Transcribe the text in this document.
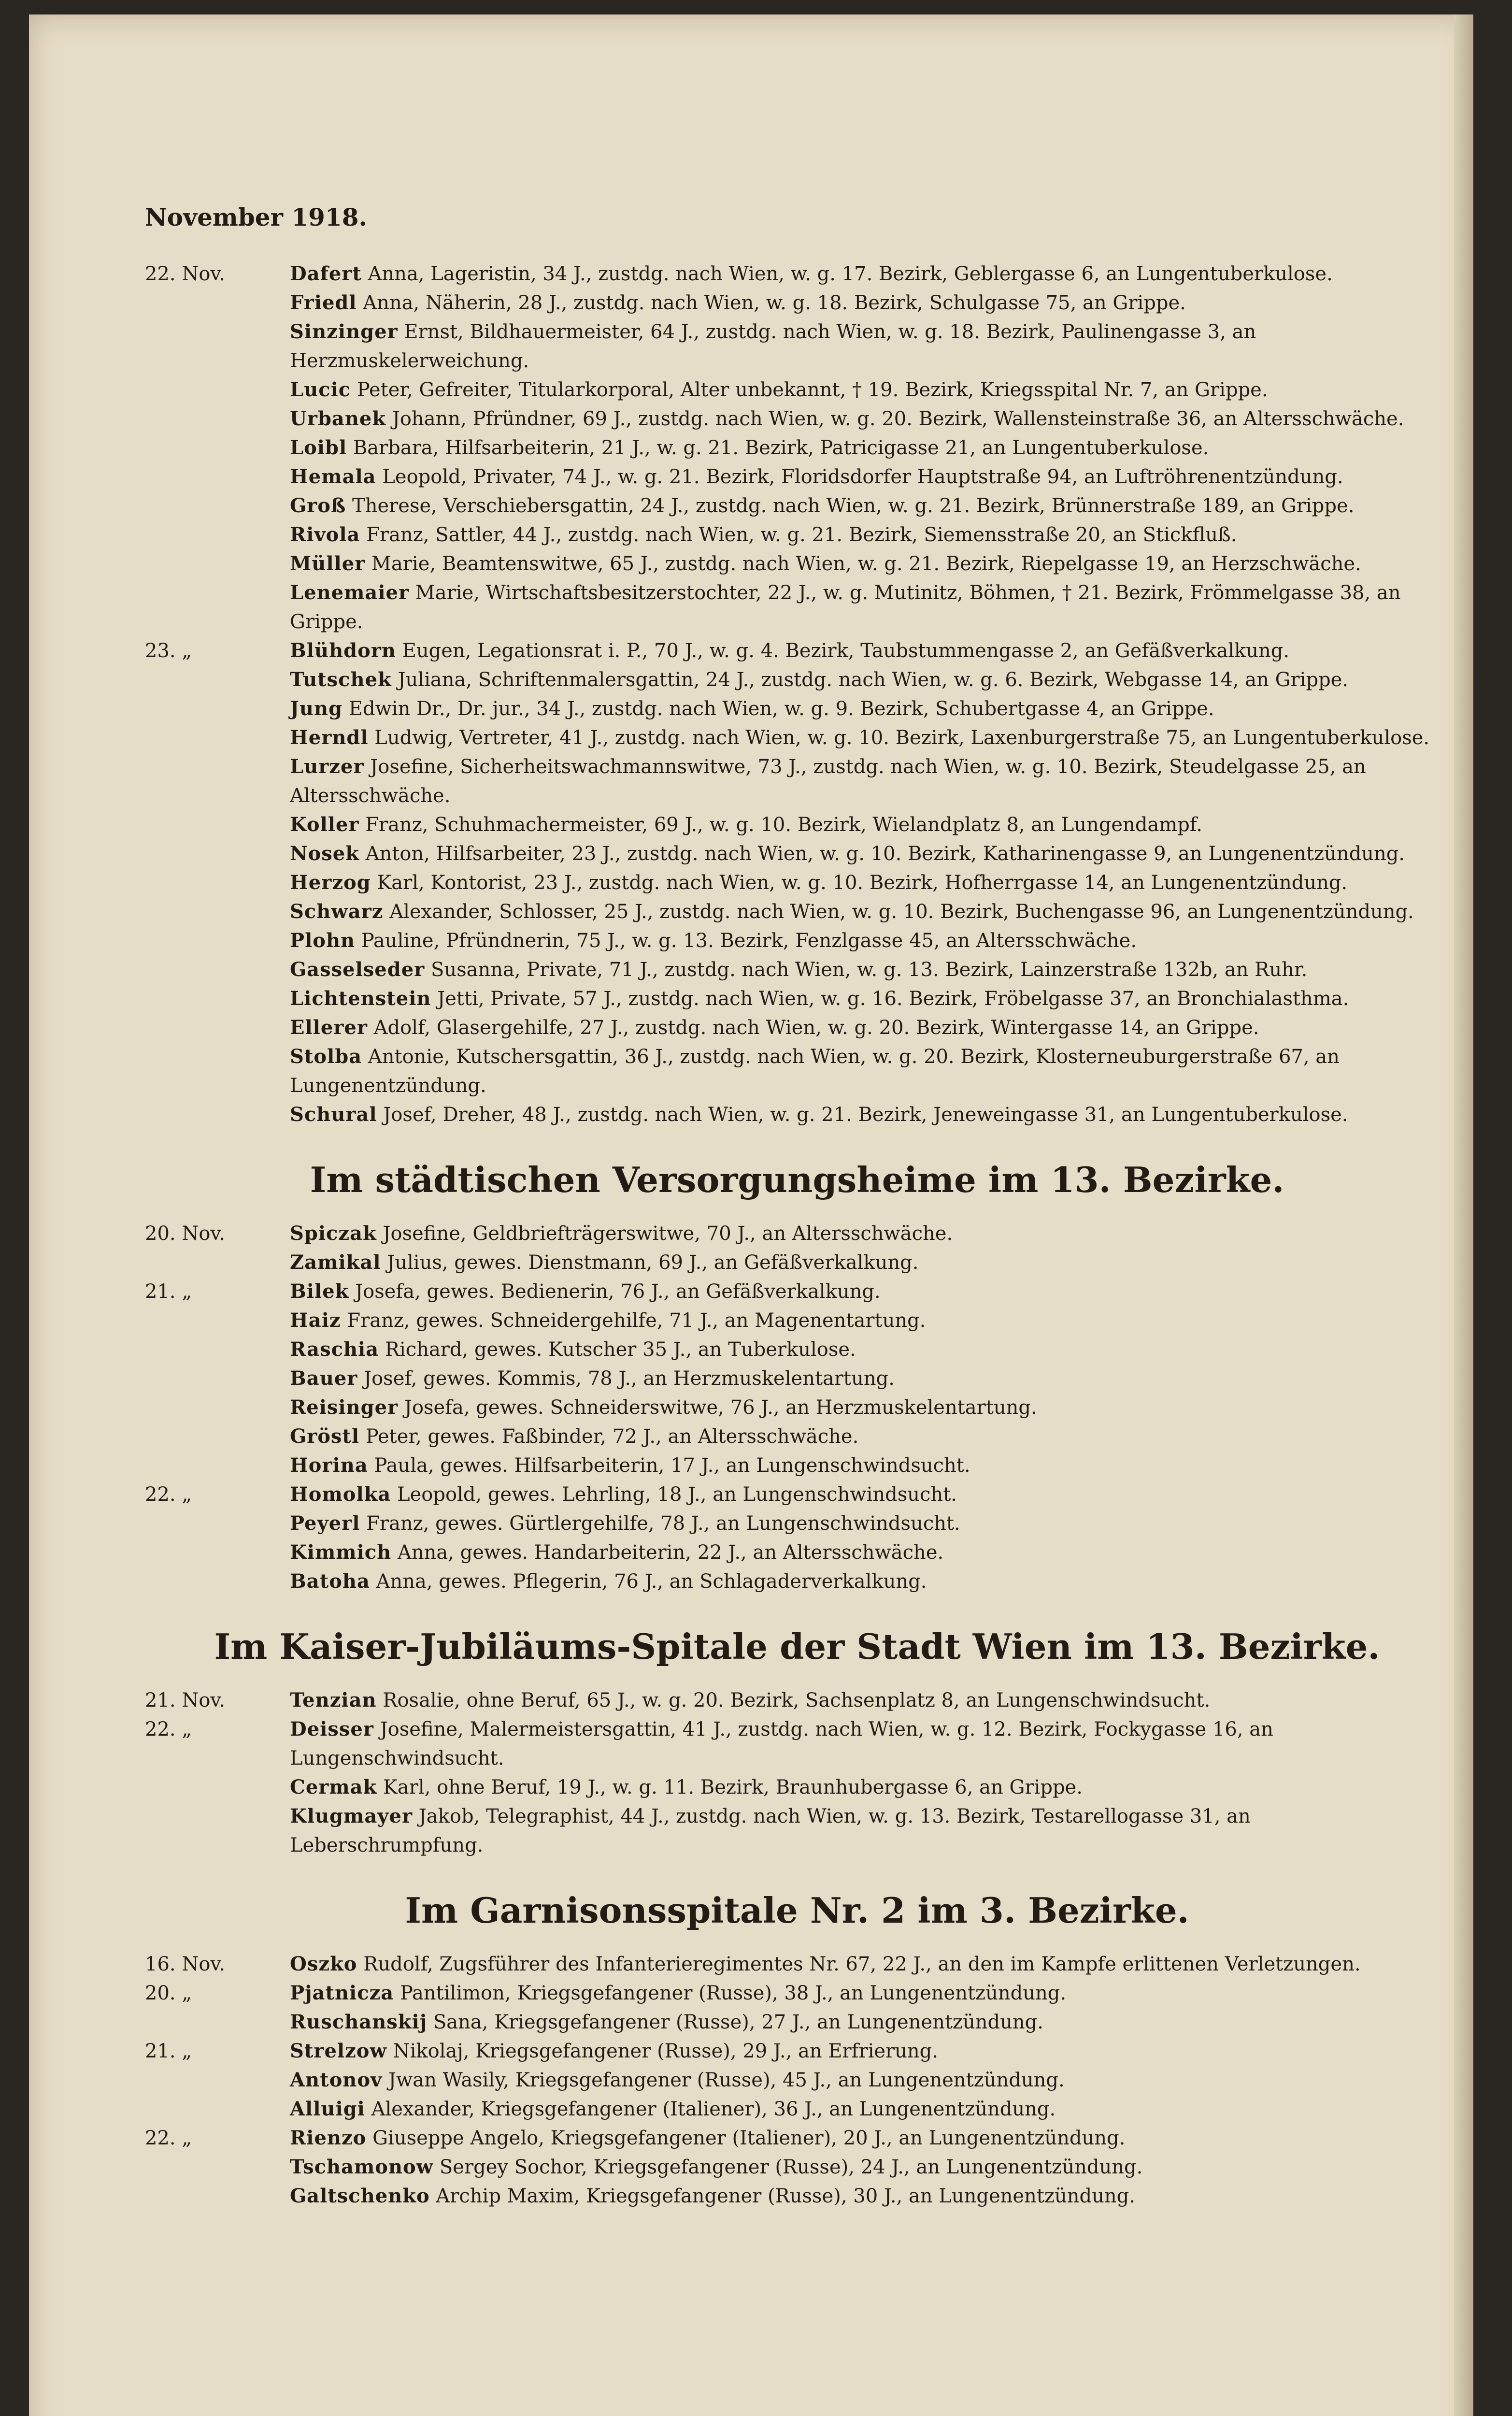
November 1918.
22. Nov.	Dafert Anna, Lageristin, 34 J., zustdg. nach Wien, w. g. 17. Bezirk, Geblergasse 6, an Lungentuberkulose.
Friedl Anna, Näherin, 28 J., zustdg. nach Wien, w. g. 18. Bezirk, Schulgasse 75, an Grippe.
Sinzinger Ernst, Bildhauermeister, 64 J., zustdg. nach Wien, w. g. 18. Bezirk, Paulinengasse 3, an Herzmuskelerweichung.
Lucic Peter, Gefreiter, Titularkorporal, Alter unbekannt, † 19. Bezirk, Kriegsspital Nr. 7, an Grippe.
Urbanek Johann, Pfründner, 69 J., zustdg. nach Wien, w. g. 20. Bezirk, Wallensteinstraße 36, an Altersschwäche.
Loibl Barbara, Hilfsarbeiterin, 21 J., w. g. 21. Bezirk, Patricigasse 21, an Lungentuberkulose.
Hemala Leopold, Privater, 74 J., w. g. 21. Bezirk, Floridsdorfer Hauptstraße 94, an Luftröhrenentzündung.
Groß Therese, Verschiebersgattin, 24 J., zustdg. nach Wien, w. g. 21. Bezirk, Brünnerstraße 189, an Grippe.
Rivola Franz, Sattler, 44 J., zustdg. nach Wien, w. g. 21. Bezirk, Siemensstraße 20, an Stickfluß.
Müller Marie, Beamtenswitwe, 65 J., zustdg. nach Wien, w. g. 21. Bezirk, Riepelgasse 19, an Herzschwäche.
Lenemaier Marie, Wirtschaftsbesitzerstochter, 22 J., w. g. Mutinitz, Böhmen, † 21. Bezirk, Frömmelgasse 38, an Grippe.
23. „	Blühdorn Eugen, Legationsrat i. P., 70 J., w. g. 4. Bezirk, Taubstummengasse 2, an Gefäßverkalkung.
Tutschek Juliana, Schriftenmalersgattin, 24 J., zustdg. nach Wien, w. g. 6. Bezirk, Webgasse 14, an Grippe.
Jung Edwin Dr., Dr. jur., 34 J., zustdg. nach Wien, w. g. 9. Bezirk, Schubertgasse 4, an Grippe.
Herndl Ludwig, Vertreter, 41 J., zustdg. nach Wien, w. g. 10. Bezirk, Laxenburgerstraße 75, an Lungentuberkulose.
Lurzer Josefine, Sicherheitswachmannswitwe, 73 J., zustdg. nach Wien, w. g. 10. Bezirk, Steudelgasse 25, an Altersschwäche.
Koller Franz, Schuhmachermeister, 69 J., w. g. 10. Bezirk, Wielandplatz 8, an Lungendampf.
Nosek Anton, Hilfsarbeiter, 23 J., zustdg. nach Wien, w. g. 10. Bezirk, Katharinengasse 9, an Lungenentzündung.
Herzog Karl, Kontorist, 23 J., zustdg. nach Wien, w. g. 10. Bezirk, Hofherrgasse 14, an Lungenentzündung.
Schwarz Alexander, Schlosser, 25 J., zustdg. nach Wien, w. g. 10. Bezirk, Buchengasse 96, an Lungenentzündung.
Plohn Pauline, Pfründnerin, 75 J., w. g. 13. Bezirk, Fenzlgasse 45, an Altersschwäche.
Gasselseder Susanna, Private, 71 J., zustdg. nach Wien, w. g. 13. Bezirk, Lainzerstraße 132b, an Ruhr.
Lichtenstein Jetti, Private, 57 J., zustdg. nach Wien, w. g. 16. Bezirk, Fröbelgasse 37, an Bronchialasthma.
Ellerer Adolf, Glasergehilfe, 27 J., zustdg. nach Wien, w. g. 20. Bezirk, Wintergasse 14, an Grippe.
Stolba Antonie, Kutschersgattin, 36 J., zustdg. nach Wien, w. g. 20. Bezirk, Klosterneuburgerstraße 67, an Lungenentzündung.
Schural Josef, Dreher, 48 J., zustdg. nach Wien, w. g. 21. Bezirk, Jeneweingasse 31, an Lungentuberkulose.
Im städtischen Versorgungsheime im 13. Bezirke.
20. Nov.	Spiczak Josefine, Geldbriefträgerswitwe, 70 J., an Altersschwäche.
Zamikal Julius, gewes. Dienstmann, 69 J., an Gefäßverkalkung.
21. „	Bilek Josefa, gewes. Bedienerin, 76 J., an Gefäßverkalkung.
Haiz Franz, gewes. Schneidergehilfe, 71 J., an Magenentartung.
Raschia Richard, gewes. Kutscher 35 J., an Tuberkulose.
Bauer Josef, gewes. Kommis, 78 J., an Herzmuskelentartung.
Reisinger Josefa, gewes. Schneiderswitwe, 76 J., an Herzmuskelentartung.
Gröstl Peter, gewes. Faßbinder, 72 J., an Altersschwäche.
Horina Paula, gewes. Hilfsarbeiterin, 17 J., an Lungenschwindsucht.
22. „	Homolka Leopold, gewes. Lehrling, 18 J., an Lungenschwindsucht.
Peyerl Franz, gewes. Gürtlergehilfe, 78 J., an Lungenschwindsucht.
Kimmich Anna, gewes. Handarbeiterin, 22 J., an Altersschwäche.
Batoha Anna, gewes. Pflegerin, 76 J., an Schlagaderverkalkung.
Im Kaiser-Jubiläums-Spitale der Stadt Wien im 13. Bezirke.
21. Nov.	Tenzian Rosalie, ohne Beruf, 65 J., w. g. 20. Bezirk, Sachsenplatz 8, an Lungenschwindsucht.
22. „	Deisser Josefine, Malermeistersgattin, 41 J., zustdg. nach Wien, w. g. 12. Bezirk, Fockygasse 16, an Lungenschwindsucht.
Cermak Karl, ohne Beruf, 19 J., w. g. 11. Bezirk, Braunhubergasse 6, an Grippe.
Klugmayer Jakob, Telegraphist, 44 J., zustdg. nach Wien, w. g. 13. Bezirk, Testarellogasse 31, an Leberschrumpfung.
Im Garnisonsspitale Nr. 2 im 3. Bezirke.
16. Nov.	Oszko Rudolf, Zugsführer des Infanterieregimentes Nr. 67, 22 J., an den im Kampfe erlittenen Verletzungen.
20. „	Pjatnicza Pantilimon, Kriegsgefangener (Russe), 38 J., an Lungenentzündung.
Ruschanskij Sana, Kriegsgefangener (Russe), 27 J., an Lungenentzündung.
21. „	Strelzow Nikolaj, Kriegsgefangener (Russe), 29 J., an Erfrierung.
Antonov Jwan Wasily, Kriegsgefangener (Russe), 45 J., an Lungenentzündung.
Alluigi Alexander, Kriegsgefangener (Italiener), 36 J., an Lungenentzündung.
22. „	Rienzo Giuseppe Angelo, Kriegsgefangener (Italiener), 20 J., an Lungenentzündung.
Tschamonow Sergey Sochor, Kriegsgefangener (Russe), 24 J., an Lungenentzündung.
Galtschenko Archip Maxim, Kriegsgefangener (Russe), 30 J., an Lungenentzündung.
